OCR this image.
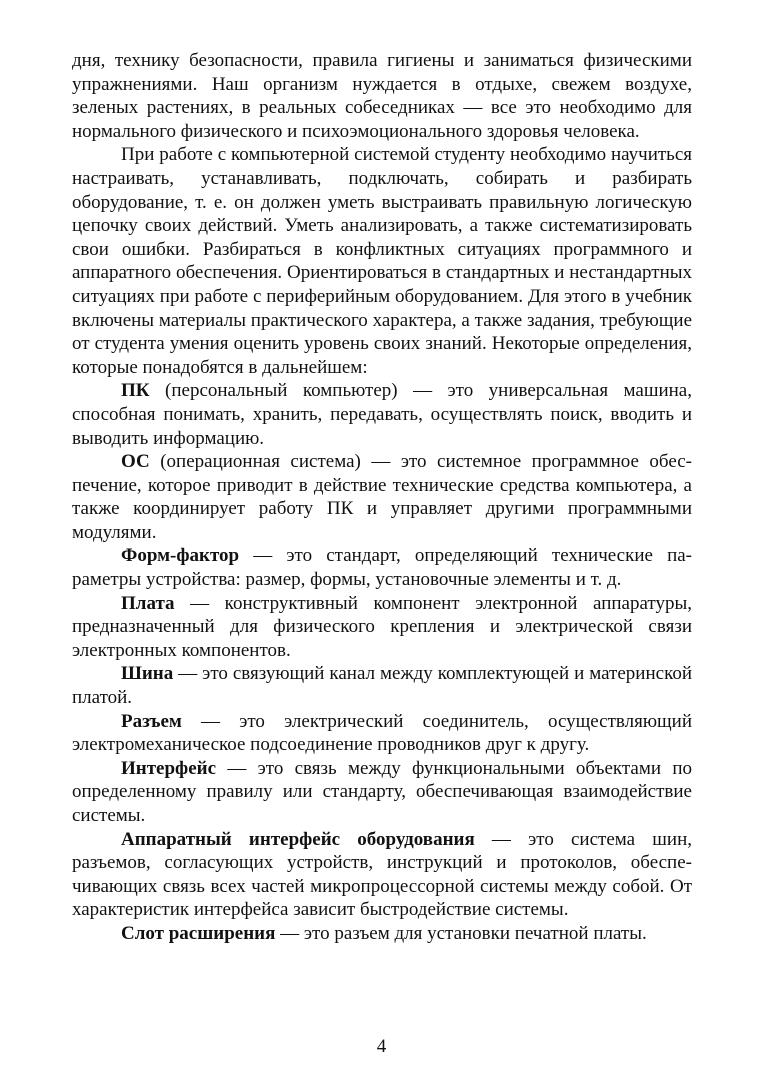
дня, технику безопасности, правила гигиены и заниматься физическими упражнениями. Наш организм нуждается в отдыхе, свежем воздухе, зеленых растениях, в реальных собеседниках — все это необходимо для нормального физического и психоэмоционального здоровья человека.

При работе с компьютерной системой студенту необходимо научиться настраивать, устанавливать, подключать, собирать и разбирать оборудование, т. е. он должен уметь выстраивать правильную логическую цепочку своих действий. Уметь анализировать, а также систематизировать свои ошибки. Разбираться в конфликтных ситуациях программного и аппаратного обеспечения. Ориентироваться в стандартных и нестандартных ситуациях при работе с периферийным оборудованием. Для этого в учебник включены материалы практического характера, а также задания, требующие от студента умения оценить уровень своих знаний. Некоторые определения, которые понадобятся в дальнейшем:

ПК (персональный компьютер) — это универсальная машина, способная понимать, хранить, передавать, осуществлять поиск, вводить и выводить информацию.

ОС (операционная система) — это системное программное обеспечение, которое приводит в действие технические средства компьютера, а также координирует работу ПК и управляет другими программными модулями.

Форм-фактор — это стандарт, определяющий технические параметры устройства: размер, формы, установочные элементы и т. д.

Плата — конструктивный компонент электронной аппаратуры, предназначенный для физического крепления и электрической связи электронных компонентов.

Шина — это связующий канал между комплектующей и материнской платой.

Разъем — это электрический соединитель, осуществляющий электромеханическое подсоединение проводников друг к другу.

Интерфейс — это связь между функциональными объектами по определенному правилу или стандарту, обеспечивающая взаимодействие системы.

Аппаратный интерфейс оборудования — это система шин, разъемов, согласующих устройств, инструкций и протоколов, обеспечивающих связь всех частей микропроцессорной системы между собой. От характеристик интерфейса зависит быстродействие системы.

Слот расширения — это разъем для установки печатной платы.

4
